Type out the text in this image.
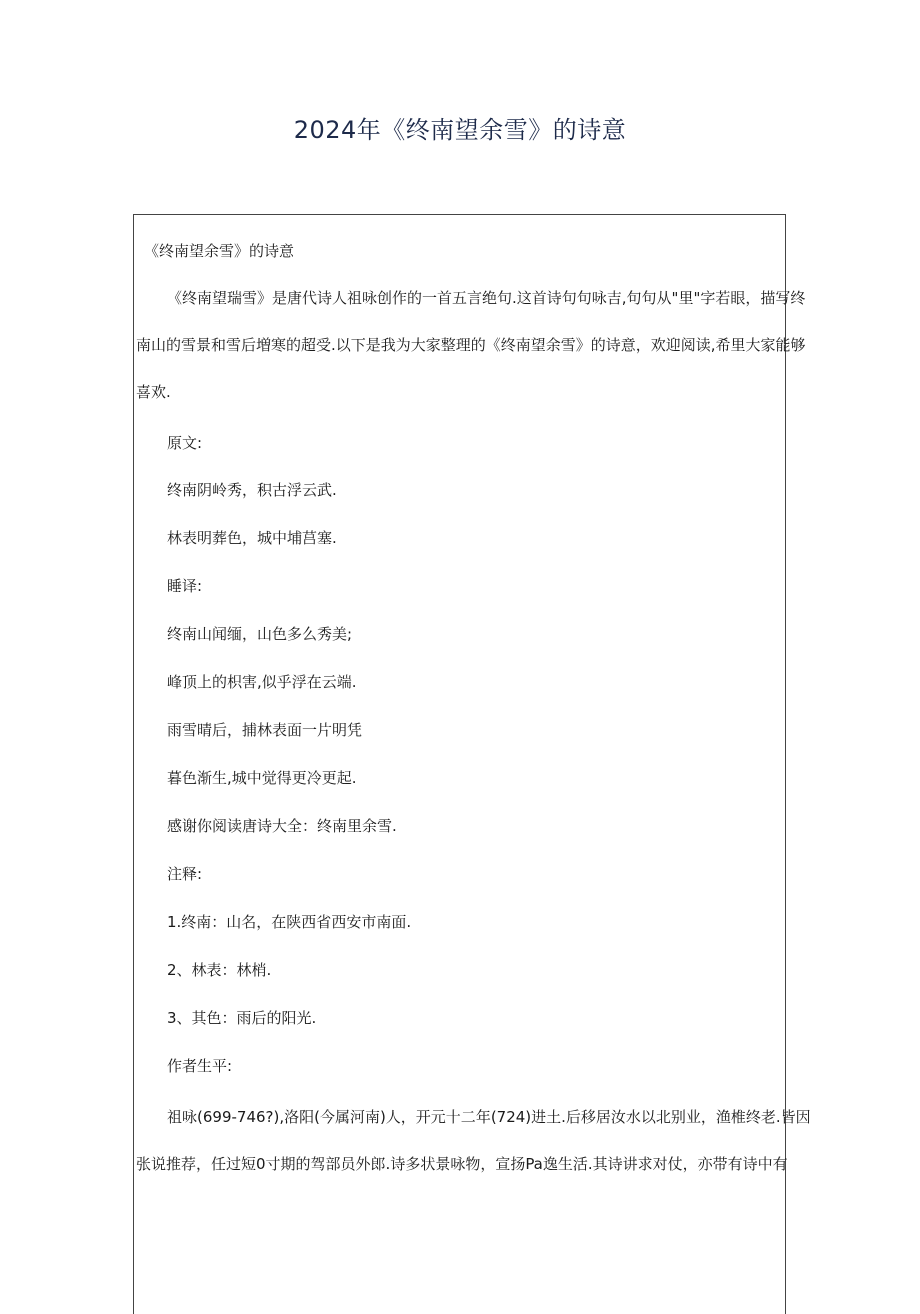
2024年《终南望余雪》的诗意
《终南望余雪》的诗意
《终南望瑞雪》是唐代诗人祖咏创作的一首五言绝句.这首诗句句咏吉,句句从"里"字若眼，描写终
南山的雪景和雪后増寒的超受.以下是我为大家整理的《终南望余雪》的诗意，欢迎阅读,希里大家能够
喜欢.
原文:
终南阴岭秀，积古浮云武.
林表明葬色，城中埔莒塞.
睡译:
终南山闻缅，山色多么秀美;
峰顶上的枳害,似乎浮在云端.
雨雪晴后，捕林表面一片明凭
暮色渐生,城中觉得更冷更起.
感谢你阅读唐诗大全：终南里余雪.
注释:
1.终南：山名，在陕西省西安市南面.
2、林表：林梢.
3、其色：雨后的阳光.
作者生平:
祖咏(699-746?),洛阳(今属河南)人，开元十二年(724)进土.后移居汝水以北别业，渔椎终老.皆因
张说推荐，任过短0寸期的驾部员外郎.诗多状景咏物，宣扬Pa逸生活.其诗讲求对仗，亦带有诗中有
